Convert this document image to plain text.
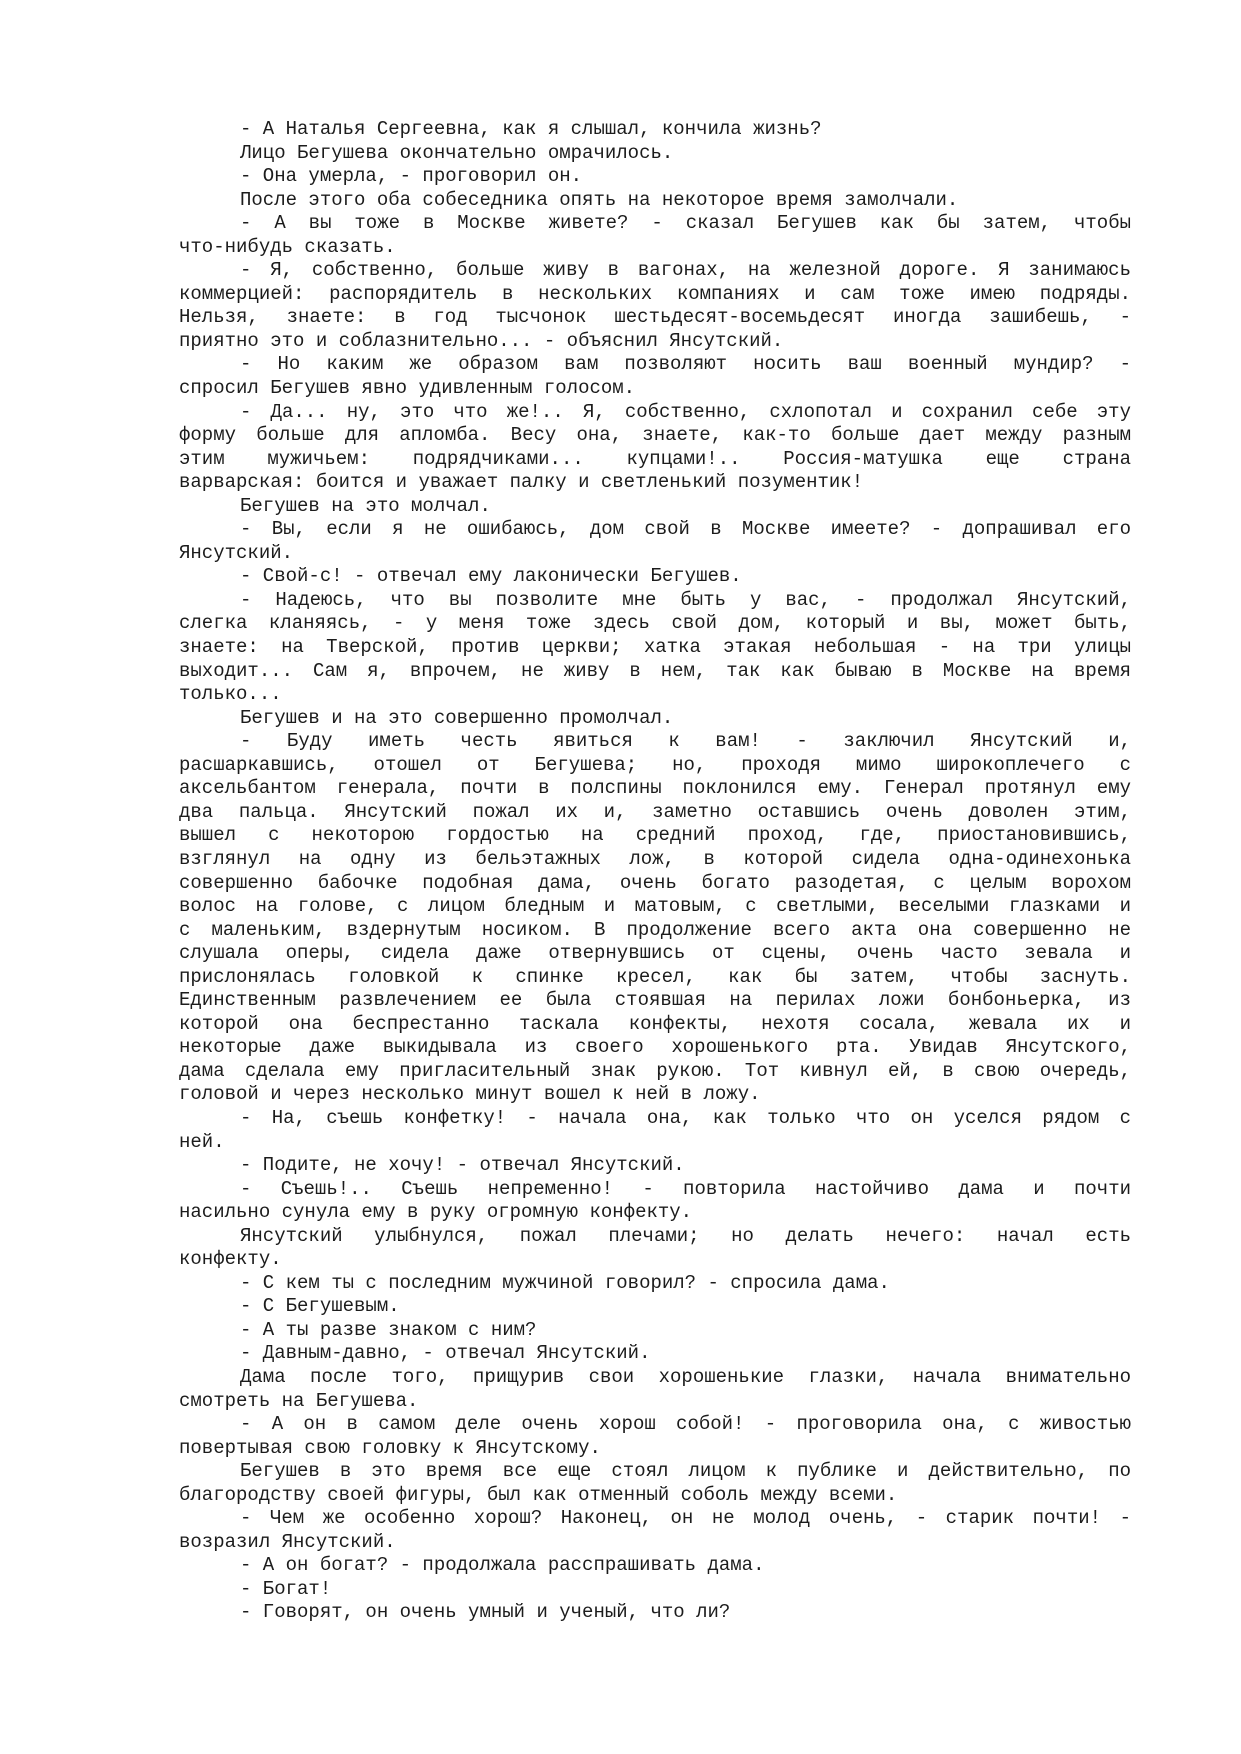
- А Наталья Сергеевна, как я слышал, кончила жизнь?
Лицо Бегушева окончательно омрачилось.
- Она умерла, - проговорил он.
После этого оба собеседника опять на некоторое время замолчали.
- А вы тоже в Москве живете? - сказал Бегушев как бы затем, чтобы
что-нибудь сказать.
- Я, собственно, больше живу в вагонах, на железной дороге. Я занимаюсь
коммерцией: распорядитель в нескольких компаниях и сам тоже имею подряды.
Нельзя, знаете: в год тысчонок шестьдесят-восемьдесят иногда зашибешь, -
приятно это и соблазнительно... - объяснил Янсутский.
- Но каким же образом вам позволяют носить ваш военный мундир? -
спросил Бегушев явно удивленным голосом.
- Да... ну, это что же!.. Я, собственно, схлопотал и сохранил себе эту
форму больше для апломба. Весу она, знаете, как-то больше дает между разным
этим мужичьем: подрядчиками... купцами!.. Россия-матушка еще страна
варварская: боится и уважает палку и светленький позументик!
Бегушев на это молчал.
- Вы, если я не ошибаюсь, дом свой в Москве имеете? - допрашивал его
Янсутский.
- Свой-с! - отвечал ему лаконически Бегушев.
- Надеюсь, что вы позволите мне быть у вас, - продолжал Янсутский,
слегка кланяясь, - у меня тоже здесь свой дом, который и вы, может быть,
знаете: на Тверской, против церкви; хатка этакая небольшая - на три улицы
выходит... Сам я, впрочем, не живу в нем, так как бываю в Москве на время
только...
Бегушев и на это совершенно промолчал.
- Буду иметь честь явиться к вам! - заключил Янсутский и,
расшаркавшись, отошел от Бегушева; но, проходя мимо широкоплечего с
аксельбантом генерала, почти в полспины поклонился ему. Генерал протянул ему
два пальца. Янсутский пожал их и, заметно оставшись очень доволен этим,
вышел с некоторою гордостью на средний проход, где, приостановившись,
взглянул на одну из бельэтажных лож, в которой сидела одна-одинехонька
совершенно бабочке подобная дама, очень богато разодетая, с целым ворохом
волос на голове, с лицом бледным и матовым, с светлыми, веселыми глазками и
с маленьким, вздернутым носиком. В продолжение всего акта она совершенно не
слушала оперы, сидела даже отвернувшись от сцены, очень часто зевала и
прислонялась головкой к спинке кресел, как бы затем, чтобы заснуть.
Единственным развлечением ее была стоявшая на перилах ложи бонбоньерка, из
которой она беспрестанно таскала конфекты, нехотя сосала, жевала их и
некоторые даже выкидывала из своего хорошенького рта. Увидав Янсутского,
дама сделала ему пригласительный знак рукою. Тот кивнул ей, в свою очередь,
головой и через несколько минут вошел к ней в ложу.
- На, съешь конфетку! - начала она, как только что он уселся рядом с
ней.
- Подите, не хочу! - отвечал Янсутский.
- Съешь!.. Съешь непременно! - повторила настойчиво дама и почти
насильно сунула ему в руку огромную конфекту.
Янсутский улыбнулся, пожал плечами; но делать нечего: начал есть
конфекту.
- С кем ты с последним мужчиной говорил? - спросила дама.
- С Бегушевым.
- А ты разве знаком с ним?
- Давным-давно, - отвечал Янсутский.
Дама после того, прищурив свои хорошенькие глазки, начала внимательно
смотреть на Бегушева.
- А он в самом деле очень хорош собой! - проговорила она, с живостью
повертывая свою головку к Янсутскому.
Бегушев в это время все еще стоял лицом к публике и действительно, по
благородству своей фигуры, был как отменный соболь между всеми.
- Чем же особенно хорош? Наконец, он не молод очень, - старик почти! -
возразил Янсутский.
- А он богат? - продолжала расспрашивать дама.
- Богат!
- Говорят, он очень умный и ученый, что ли?
